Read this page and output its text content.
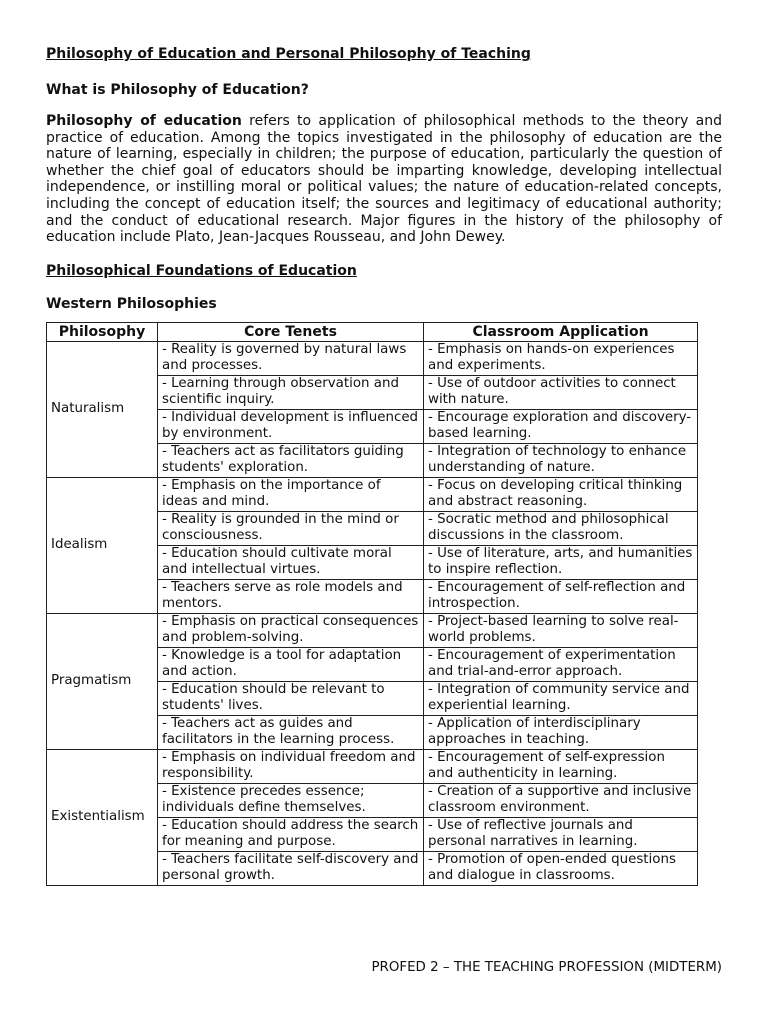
Philosophy of Education and Personal Philosophy of Teaching
What is Philosophy of Education?

Philosophy of education refers to application of philosophical methods to the theory and practice of education. Among the topics investigated in the philosophy of education are the nature of learning, especially in children; the purpose of education, particularly the question of whether the chief goal of educators should be imparting knowledge, developing intellectual independence, or instilling moral or political values; the nature of education-related concepts, including the concept of education itself; the sources and legitimacy of educational authority; and the conduct of educational research. Major figures in the history of the philosophy of education include Plato, Jean-Jacques Rousseau, and John Dewey.

Philosophical Foundations of Education
Western Philosophies
Philosophy	Core Tenets	Classroom Application
Naturalism	- Reality is governed by natural laws and processes.	- Emphasis on hands-on experiences and experiments.
	- Learning through observation and scientific inquiry.	- Use of outdoor activities to connect with nature.
	- Individual development is influenced by environment.	- Encourage exploration and discovery-based learning.
	- Teachers act as facilitators guiding students' exploration.	- Integration of technology to enhance understanding of nature.
Idealism	- Emphasis on the importance of ideas and mind.	- Focus on developing critical thinking and abstract reasoning.
	- Reality is grounded in the mind or consciousness.	- Socratic method and philosophical discussions in the classroom.
	- Education should cultivate moral and intellectual virtues.	- Use of literature, arts, and humanities to inspire reflection.
	- Teachers serve as role models and mentors.	- Encouragement of self-reflection and introspection.
Pragmatism	- Emphasis on practical consequences and problem-solving.	- Project-based learning to solve real-world problems.
	- Knowledge is a tool for adaptation and action.	- Encouragement of experimentation and trial-and-error approach.
	- Education should be relevant to students' lives.	- Integration of community service and experiential learning.
	- Teachers act as guides and facilitators in the learning process.	- Application of interdisciplinary approaches in teaching.
Existentialism	- Emphasis on individual freedom and responsibility.	- Encouragement of self-expression and authenticity in learning.
	- Existence precedes essence; individuals define themselves.	- Creation of a supportive and inclusive classroom environment.
	- Education should address the search for meaning and purpose.	- Use of reflective journals and personal narratives in learning.
	- Teachers facilitate self-discovery and personal growth.	- Promotion of open-ended questions and dialogue in classrooms.
PROFED 2 – THE TEACHING PROFESSION (MIDTERM)
